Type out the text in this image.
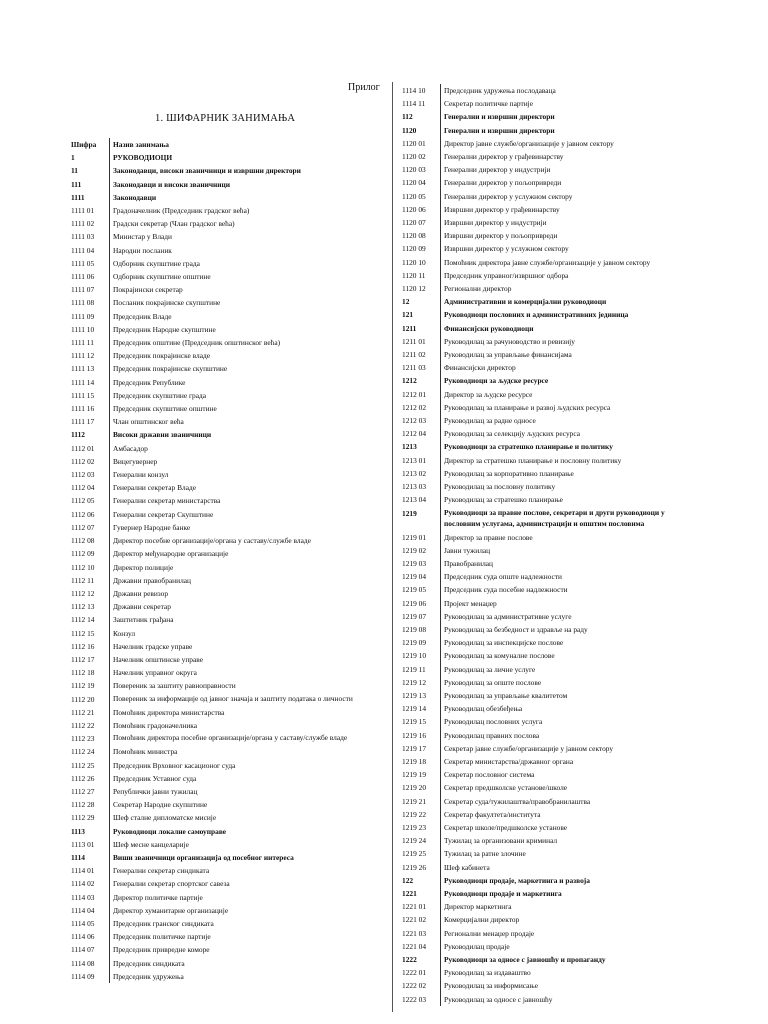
Прилог
1. ШИФАРНИК ЗАНИМАЊА
Шифра	Назив занимања
1	РУКОВОДИОЦИ
11	Законодавци, високи званичници и извршни директори
111	Законодавци и високи званичници
1111	Законодавци
1111 01	Градоначелник (Председник градског већа)
1111 02	Градски секретар (Члан градског већа)
1111 03	Министар у Влади
1111 04	Народни посланик
1111 05	Одборник скупштине града
1111 06	Одборник скупштине општине
1111 07	Покрајински секретар
1111 08	Посланик покрајинске скупштине
1111 09	Председник Владе
1111 10	Председник Народне скупштине
1111 11	Председник општине (Председник општинског већа)
1111 12	Председник покрајинске владе
1111 13	Председник покрајинске скупштине
1111 14	Председник Републике
1111 15	Председник скупштине града
1111 16	Председник скупштине општине
1111 17	Члан општинског већа
1112	Високи државни званичници
1112 01	Амбасадор
1112 02	Вицегувернер
1112 03	Генерални конзул
1112 04	Генерални секретар Владе
1112 05	Генерални секретар министарства
1112 06	Генерални секретар Скупштине
1112 07	Гувернер Народне банке
1112 08	Директор посебне организације/органа у саставу/службе владе
1112 09	Директор међународне организације
1112 10	Директор полиције
1112 11	Државни правобранилац
1112 12	Државни ревизор
1112 13	Државни секретар
1112 14	Заштитник грађана
1112 15	Конзул
1112 16	Начелник градске управе
1112 17	Начелник општинске управе
1112 18	Начелник управног округа
1112 19	Повереник за заштиту равноправности
1112 20	Повереник за информације од јавног значаја и заштиту података о личности
1112 21	Помоћник директора министарства
1112 22	Помоћник градоначелника
1112 23	Помоћник директора посебне организације/органа у саставу/службе владе
1112 24	Помоћник министра
1112 25	Председник Врховног касационог суда
1112 26	Председник Уставног суда
1112 27	Републички јавни тужилац
1112 28	Секретар Народне скупштине
1112 29	Шеф сталне дипломатске мисије
1113	Руководиоци локалне самоуправе
1113 01	Шеф месне канцеларије
1114	Виши званичници организација од посебног интереса
1114 01	Генерални секретар синдиката
1114 02	Генерални секретар спортског савеза
1114 03	Директор политичке партије
1114 04	Директор хуманитарне организације
1114 05	Председник гранског синдиката
1114 06	Председник политичке партије
1114 07	Председник привредне коморе
1114 08	Председник синдиката
1114 09	Председник удружења
1114 10	Председник удружења послодаваца
1114 11	Секретар политичке партије
112	Генерални и извршни директори
1120	Генерални и извршни директори
1120 01	Директор јавне службе/организације у јавном сектору
1120 02	Генерални директор у грађевинарству
1120 03	Генерални директор у индустрији
1120 04	Генерални директор у пољопривреди
1120 05	Генерални директор у услужном сектору
1120 06	Извршни директор у грађевинарству
1120 07	Извршни директор у индустрији
1120 08	Извршни директор у пољопривреди
1120 09	Извршни директор у услужном сектору
1120 10	Помоћник директора јавне службе/организације у јавном сектору
1120 11	Председник управног/извршног одбора
1120 12	Регионални директор
12	Административни и комерцијални руководиоци
121	Руководиоци пословних и административних јединица
1211	Финансијски руководиоци
1211 01	Руководилац за рачуноводство и ревизију
1211 02	Руководилац за управљање финансијама
1211 03	Финансијски директор
1212	Руководиоци за људске ресурсе
1212 01	Директор за људске ресурсе
1212 02	Руководилац за планирање и развој људских ресурса
1212 03	Руководилац за радне односе
1212 04	Руководилац за селекцију људских ресурса
1213	Руководиоци за стратешко планирање и политику
1213 01	Директор за стратешко планирање и пословну политику
1213 02	Руководилац за корпоративно планирање
1213 03	Руководилац за пословну политику
1213 04	Руководилац за стратешко планирање
1219	Руководиоци за правне послове, секретари и други руководиоци у пословним услугама, администрацији и општим пословима
1219 01	Директор за правне послове
1219 02	Јавни тужилац
1219 03	Правобранилац
1219 04	Председник суда опште надлежности
1219 05	Председник суда посебне надлежности
1219 06	Пројект менаџер
1219 07	Руководилац за административне услуге
1219 08	Руководилац за безбедност и здравље на раду
1219 09	Руководилац за инспекцијске послове
1219 10	Руководилац за комуналне послове
1219 11	Руководилац за личне услуге
1219 12	Руководилац за опште послове
1219 13	Руководилац за управљање квалитетом
1219 14	Руководилац обезбеђења
1219 15	Руководилац пословних услуга
1219 16	Руководилац правних послова
1219 17	Секретар јавне службе/организације у јавном сектору
1219 18	Секретар министарства/државног органа
1219 19	Секретар пословног система
1219 20	Секретар предшколске установе/школе
1219 21	Секретар суда/тужилаштва/правобранилаштва
1219 22	Секретар факултета/института
1219 23	Секретар школе/предшколске установе
1219 24	Тужилац за организовани криминал
1219 25	Тужилац за ратне злочине
1219 26	Шеф кабинета
122	Руководиоци продаје, маркетинга и развоја
1221	Руководиоци продаје и маркетинга
1221 01	Директор маркетинга
1221 02	Комерцијални директор
1221 03	Регионални менаџер продаје
1221 04	Руководилац продаје
1222	Руководиоци за односе с јавношћу и пропаганду
1222 01	Руководилац за издаваштво
1222 02	Руководилац за информисање
1222 03	Руководилац за односе с јавношћу
